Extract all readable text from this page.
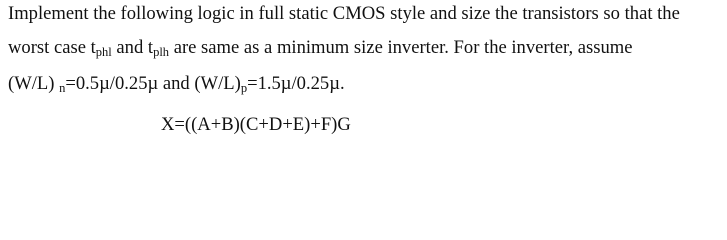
Implement the following logic in full static CMOS style and size the transistors so that the
worst case $t_{phl}$ and $t_{plh}$ are same as a minimum size inverter. For the inverter, assume
(W/L) $_n$=0.5µ/0.25µ and $(W/L)_p=1.5\mu/0.25\mu$.
X=((A+B)(C+D+E)+F)G
